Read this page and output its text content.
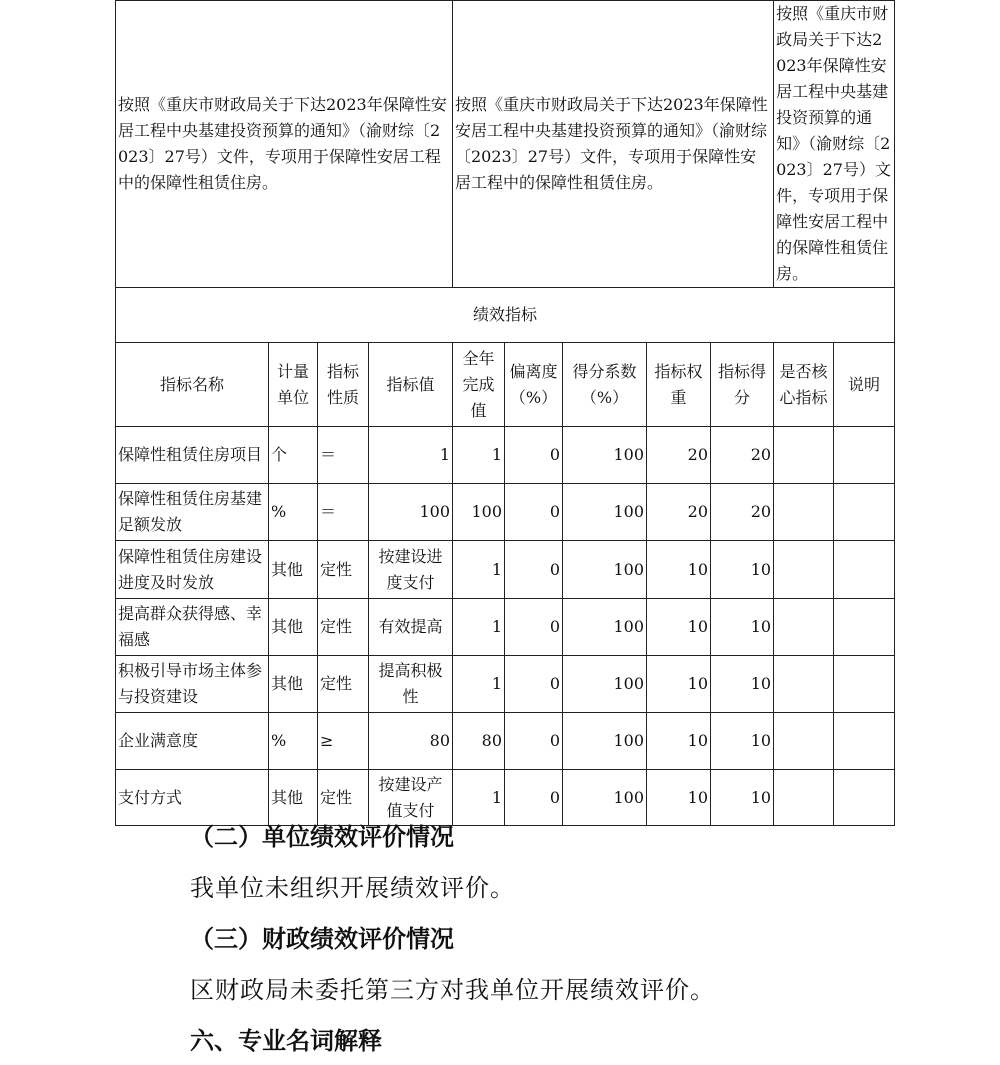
按照《重庆市财政局关于下达2023年保障性安居工程中央基建投资预算的通知》（渝财综〔2023〕27号）文件，专项用于保障性安居工程中的保障性租赁住房。				按照《重庆市财政局关于下达2023年保障性安居工程中央基建投资预算的通知》（渝财综〔2023〕27号）文件，专项用于保障性安居工程中的保障性租赁住房。					按照《重庆市财政局关于下达2023年保障性安居工程中央基建投资预算的通知》（渝财综〔2023〕27号）文件，专项用于保障性安居工程中的保障性租赁住房。	
绩效指标										
指标名称	计量单位	指标性质	指标值	全年完成值	偏离度（%）	得分系数（%）	指标权重	指标得分	是否核心指标	说明
保障性租赁住房项目	个	＝	1	1	0	100	20	20		
保障性租赁住房基建足额发放	%	＝	100	100	0	100	20	20		
保障性租赁住房建设进度及时发放	其他	定性	按建设进度支付	1	0	100	10	10		
提高群众获得感、幸福感	其他	定性	有效提高	1	0	100	10	10		
积极引导市场主体参与投资建设	其他	定性	提高积极性	1	0	100	10	10		
企业满意度	%	≥	80	80	0	100	10	10		
支付方式	其他	定性	按建设产值支付	1	0	100	10	10		
（二）单位绩效评价情况
我单位未组织开展绩效评价。
（三）财政绩效评价情况
区财政局未委托第三方对我单位开展绩效评价。
六、专业名词解释
